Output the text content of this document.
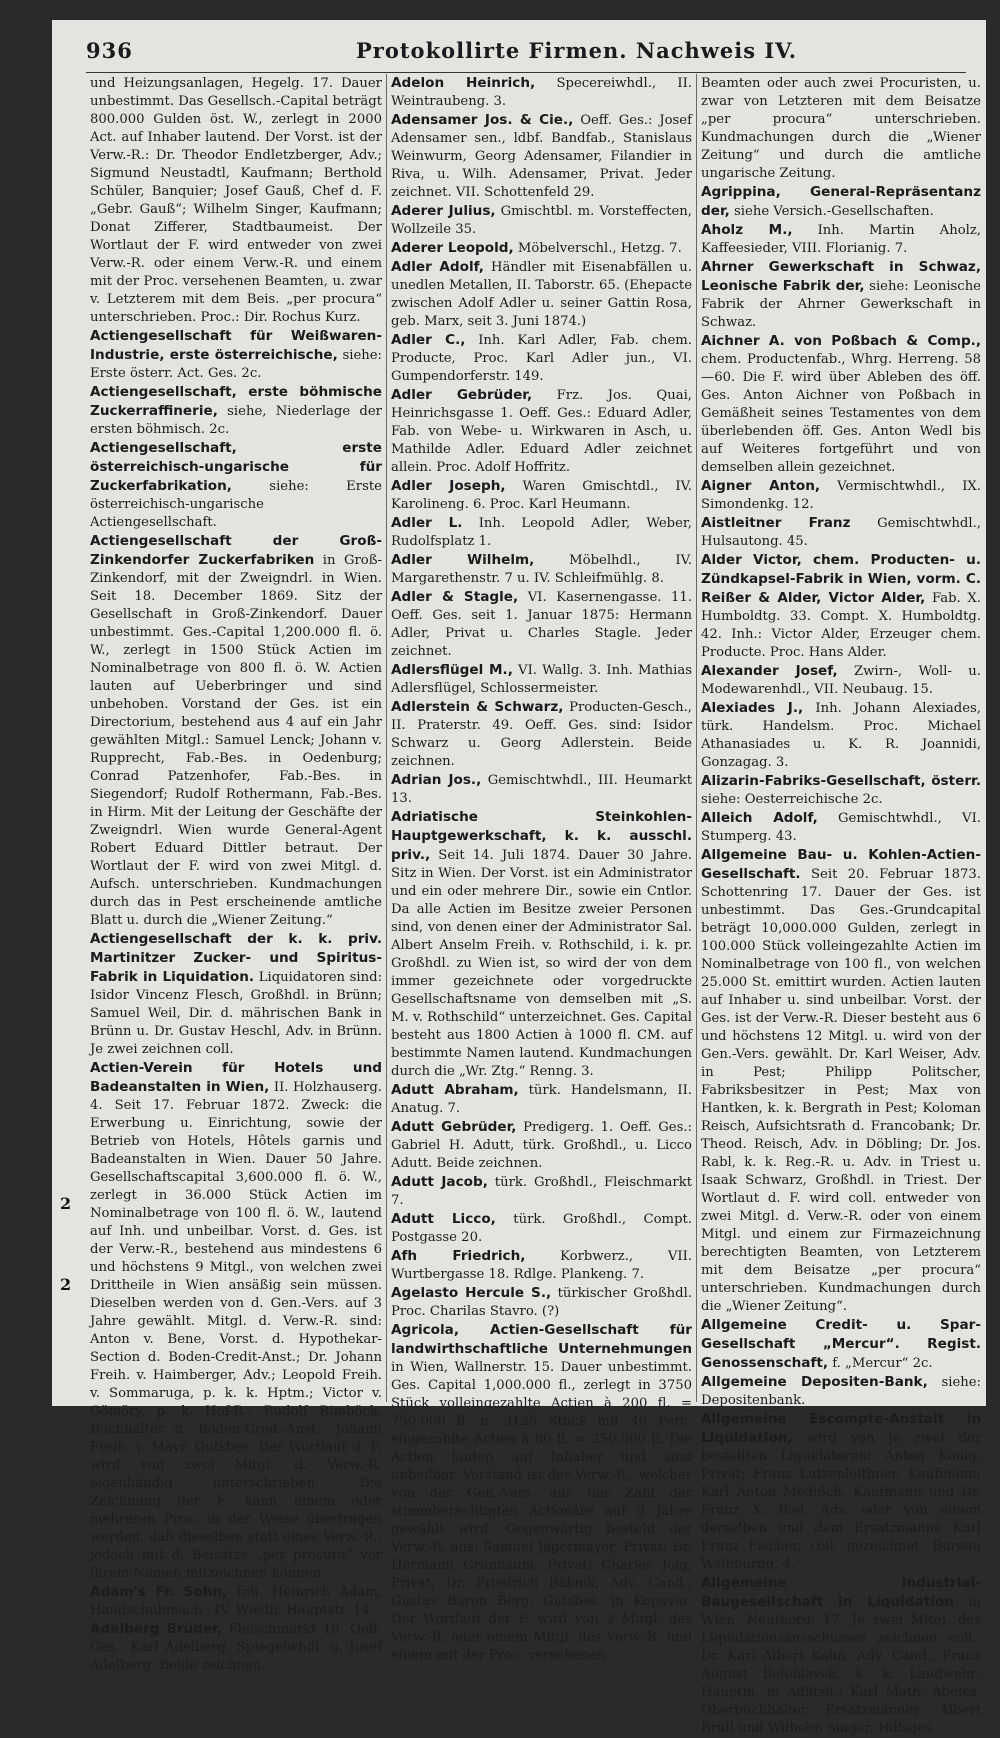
936	Protokollirte Firmen. Nachweis IV.
2
2
und Heizungsanlagen, Hegelg. 17. Dauer unbestimmt. Das Gesellsch.-Capital beträgt 800.000 Gulden öst. W., zerlegt in 2000 Act. auf Inhaber lautend. Der Vorst. ist der Verw.-R.: Dr. Theodor Endletzberger, Adv.; Sigmund Neustadtl, Kaufmann; Berthold Schüler, Banquier; Josef Gauß, Chef d. F. „Gebr. Gauß“; Wilhelm Singer, Kaufmann; Donat Zifferer, Stadtbaumeist. Der Wortlaut der F. wird entweder von zwei Verw.-R. oder einem Verw.-R. und einem mit der Proc. versehenen Beamten, u. zwar v. Letzterem mit dem Beis. „per procura“ unterschrieben. Proc.: Dir. Rochus Kurz.
Actiengesellschaft für Weißwaren-Industrie, erste österreichische, siehe: Erste österr. Act. Ges. 2c.
Actiengesellschaft, erste böhmische Zuckerraffinerie, siehe, Niederlage der ersten böhmisch. 2c.
Actiengesellschaft, erste österreichisch-ungarische für Zuckerfabrikation,	siehe: Erste österreichisch-ungarische Actiengesellschaft.
Actiengesellschaft der Groß-Zinkendorfer Zuckerfabriken in Groß-Zinkendorf, mit der Zweigndrl. in Wien. Seit 18. December 1869. Sitz der Gesellschaft in Groß-Zinkendorf. Dauer unbestimmt. Ges.-Capital 1,200.000 fl. ö. W., zerlegt in 1500 Stück Actien im Nominalbetrage von 800 fl. ö. W. Actien lauten auf Ueberbringer und sind unbehoben. Vorstand der Ges. ist ein Directorium, bestehend aus 4 auf ein Jahr gewählten Mitgl.: Samuel Lenck; Johann v. Rupprecht, Fab.-Bes. in Oedenburg; Conrad Patzenhofer, Fab.-Bes. in Siegendorf; Rudolf Rothermann, Fab.-Bes. in Hirm. Mit der Leitung der Geschäfte der Zweigndrl. Wien wurde General-Agent Robert Eduard Dittler betraut. Der Wortlaut der F. wird von zwei Mitgl. d. Aufsch. unterschrieben. Kundmachungen durch das in Pest erscheinende amtliche Blatt u. durch die „Wiener Zeitung.“
Actiengesellschaft der k. k. priv. Martinitzer Zucker- und Spiritus-Fabrik in Liquidation. Liquidatoren sind: Isidor Vincenz Flesch, Großhdl. in Brünn; Samuel Weil, Dir. d. mährischen Bank in Brünn u. Dr. Gustav Heschl, Adv. in Brünn. Je zwei zeichnen coll.
Actien-Verein für Hotels und Badeanstalten in Wien, II. Holzhauserg. 4. Seit 17. Februar 1872. Zweck: die Erwerbung u. Einrichtung, sowie der Betrieb von Hotels, Hôtels garnis und Badeanstalten in Wien. Dauer 50 Jahre. Gesellschaftscapital 3,600.000 fl. ö. W., zerlegt in 36.000 Stück Actien im Nominalbetrage von 100 fl. ö. W., lautend auf Inh. und unbeilbar. Vorst. d. Ges. ist der Verw.-R., bestehend aus mindestens 6 und höchstens 9 Mitgl., von welchen zwei Drittheile in Wien ansäßig sein müssen. Dieselben werden von d. Gen.-Vers. auf 3 Jahre gewählt. Mitgl. d. Verw.-R. sind: Anton v. Bene, Vorst. d. Hypothekar-Section d. Boden-Credit-Anst.; Dr. Johann Freih. v. Haimberger, Adv.; Leopold Freih. v. Sommaruga, p. k. k. Hptm.; Victor v. Gömöry, p. k. Hof-R.; Rudolf Rimböck, Buchhalter d. Boden-Cred.-Anst.; Johann Freih. v. Mayr, Gutsbes. Der Wortlaut d. F. wird von zwei Mitgl. d. Verw.-R. eigenhändig unterschrieben. Die Zeichnung der F. kann einem oder mehreren Proc. in der Weise übertragen werden, daß dieselben statt eines Verw.-R., jedoch mit d. Beisatze „per procura“ vor ihrem Namen mitzeichnen können.
Adam's Fr. Sohn, Inh. Heinrich Adam, Handschuhmach., IV. Wiedn. Hauptstr. 14.
Adelberg Brüder, Fleischmarkt 18. Oeff. Ges.: Karl Adelberg, Spiegelwhdl. u. Josef Adelberg. Beide zeichnen.
Adelon Heinrich, Specereiwhdl., II. Weintraubeng. 3.
Adensamer Jos. & Cie., Oeff. Ges.: Josef Adensamer sen., ldbf. Bandfab., Stanislaus Weinwurm, Georg Adensamer, Filandier in Riva, u. Wilh. Adensamer, Privat. Jeder zeichnet. VII. Schottenfeld 29.
Aderer Julius, Gmischtbl. m. Vorsteffecten, Wollzeile 35.
Aderer Leopold, Möbelverschl., Hetzg. 7.
Adler Adolf, Händler mit Eisenabfällen u. unedlen Metallen, II. Taborstr. 65. (Ehepacte zwischen Adolf Adler u. seiner Gattin Rosa, geb. Marx, seit 3. Juni 1874.)
Adler C., Inh. Karl Adler, Fab. chem. Producte, Proc. Karl Adler jun., VI. Gumpendorferstr. 149.
Adler Gebrüder, Frz. Jos. Quai, Heinrichsgasse 1. Oeff. Ges.: Eduard Adler, Fab. von Webe- u. Wirkwaren in Asch, u. Mathilde Adler. Eduard Adler zeichnet allein. Proc. Adolf Hoffritz.
Adler Joseph, Waren Gmischtdl., IV. Karolineng. 6. Proc. Karl Heumann.
Adler L. Inh. Leopold Adler, Weber, Rudolfsplatz 1.
Adler Wilhelm,	Möbelhdl., IV. Margarethenstr. 7 u. IV. Schleifmühlg. 8.
Adler & Stagle, VI. Kasernengasse. 11. Oeff. Ges. seit 1. Januar 1875: Hermann Adler, Privat u. Charles Stagle. Jeder zeichnet.
Adlersflügel M., VI. Wallg. 3. Inh. Mathias Adlersflügel, Schlossermeister.
Adlerstein & Schwarz, Producten-Gesch., II. Praterstr. 49. Oeff. Ges. sind: Isidor Schwarz u. Georg Adlerstein. Beide zeichnen.
Adrian Jos., Gemischtwhdl., III. Heumarkt 13.
Adriatische Steinkohlen-Hauptgewerkschaft, k. k. ausschl. priv., Seit 14. Juli 1874. Dauer 30 Jahre. Sitz in Wien. Der Vorst. ist ein Administrator und ein oder mehrere Dir., sowie ein Cntlor. Da alle Actien im Besitze zweier Personen sind, von denen einer der Administrator Sal. Albert Anselm Freih. v. Rothschild, i. k. pr. Großhdl. zu Wien ist, so wird der von dem immer gezeichnete oder vorgedruckte Gesellschaftsname von demselben mit „S. M. v. Rothschild“ unterzeichnet. Ges. Capital besteht aus 1800 Actien à 1000 fl. CM. auf bestimmte Namen lautend. Kundmachungen durch die „Wr. Ztg.“ Renng. 3.
Adutt Abraham, türk. Handelsmann, II. Anatug. 7.
Adutt Gebrüder, Predigerg. 1. Oeff. Ges.: Gabriel H. Adutt, türk. Großhdl., u. Licco Adutt. Beide zeichnen.
Adutt Jacob, türk. Großhdl., Fleischmarkt 7.
Adutt Licco, türk. Großhdl., Compt. Postgasse 20.
Afh Friedrich,	Korbwerz., VII. Wurtbergasse 18. Rdlge. Plankeng. 7.
Agelasto Hercule S., türkischer Großhdl. Proc. Charilas Stavro. (?)
Agricola, Actien-Gesellschaft für landwirthschaftliche Unternehmungen in Wien, Wallnerstr. 15. Dauer unbestimmt. Ges. Capital 1,000.000 fl., zerlegt in 3750 Stück volleingezahlte Actien à 200 fl. = 750.000 fl. u. 3125 Stück mit 40 Perc. eingezahlte Actien à 80 fl. = 250.000 fl. Die Actien lauten auf Inhaber und sind unbeilbar. Vorstand ist der Verw.-R., welcher von der Gen.-Vers. aus der Zahl der stimmberechtigten Actionäre auf 3 Jahre gewählt wird. Gegenwärtig besteht der Verw.-R. aus: Samuel Jägermayer, Privat; Dr. Hermann Grünbaum, Privat; Charles Jolg, Privat; Dr. Friedrich Bäbnik, Adv. Cand.; Gustav Baron Berg, Gutsbes. in Kopuvar. Der Wortlaut der F. wird von 2 Mitgl. des Verw.-R. oder einem Mitgl. des Verw.-R. und einem mit der Proc. versehenen
Beamten oder auch zwei Procuristen, u. zwar von Letzteren mit dem Beisatze „per procura“ unterschrieben. Kundmachungen durch die „Wiener Zeitung“ und durch die amtliche ungarische Zeitung.
Agrippina, General-Repräsentanz der, siehe Versich.-Gesellschaften.
Aholz M., Inh. Martin Aholz, Kaffeesieder, VIII. Florianig. 7.
Ahrner Gewerkschaft in Schwaz, Leonische Fabrik der, siehe: Leonische Fabrik der Ahrner Gewerkschaft in Schwaz.
Aichner A. von Poßbach & Comp., chem. Productenfab., Whrg. Herreng. 58—60. Die F. wird über Ableben des öff. Ges. Anton Aichner von Poßbach in Gemäßheit seines Testamentes von dem überlebenden öff. Ges. Anton Wedl bis auf Weiteres fortgeführt und von demselben allein gezeichnet.
Aigner Anton, Vermischtwhdl., IX. Simondenkg. 12.
Aistleitner Franz Gemischtwhdl., Hulsautong. 45.
Alder Victor, chem. Producten- u. Zündkapsel-Fabrik in Wien, vorm. C. Reißer & Alder, Victor Alder, Fab. X. Humboldtg. 33. Compt. X. Humboldtg. 42. Inh.: Victor Alder, Erzeuger chem. Producte. Proc. Hans Alder.
Alexander Josef, Zwirn-, Woll- u. Modewarenhdl., VII. Neubaug. 15.
Alexiades J., Inh. Johann Alexiades, türk. Handelsm. Proc. Michael Athanasiades u. K. R. Joannidi, Gonzagag. 3.
Alizarin-Fabriks-Gesellschaft, österr. siehe: Oesterreichische 2c.
Alleich Adolf, Gemischtwhdl., VI. Stumperg. 43.
Allgemeine Bau- u. Kohlen-Actien-Gesellschaft. Seit 20. Februar 1873. Schottenring 17. Dauer der Ges. ist unbestimmt. Das Ges.-Grundcapital beträgt 10,000.000 Gulden, zerlegt in 100.000 Stück volleingezahlte Actien im Nominalbetrage von 100 fl., von welchen 25.000 St. emittirt wurden. Actien lauten auf Inhaber u. sind unbeilbar. Vorst. der Ges. ist der Verw.-R. Dieser besteht aus 6 und höchstens 12 Mitgl. u. wird von der Gen.-Vers. gewählt. Dr. Karl Weiser, Adv. in Pest; Philipp Politscher, Fabriksbesitzer in Pest; Max von Hantken, k. k. Bergrath in Pest; Koloman Reisch, Aufsichtsrath d. Francobank; Dr. Theod. Reisch, Adv. in Döbling; Dr. Jos. Rabl, k. k. Reg.-R. u. Adv. in Triest u. Isaak Schwarz, Großhdl. in Triest. Der Wortlaut d. F. wird coll. entweder von zwei Mitgl. d. Verw.-R. oder von einem Mitgl. und einem zur Firmazeichnung berechtigten Beamten, von Letzterem mit dem Beisatze „per procura“ unterschrieben. Kundmachungen durch die „Wiener Zeitung“.
Allgemeine Credit- u. Spar-Gesellschaft „Mercur“. Regist. Genossenschaft, f. „Mercur“ 2c.
Allgemeine Depositen-Bank, siehe: Depositenbank.
Allgemeine Escompte-Anstalt in Liquidation, wird von je zwei der bestellten Liquidatoren: Anton König, Privat; Franz Lutzenleithner, Kaufmann; Karl Anton Medißch, Kaufmann und Dr. Franz X. Biel, Adv. oder von einem derselben und dem Ersatzmanne Karl Franz Fischer, coll. gezeichnet. Bureau Weihburgg. 4.
Allgemeine Industrial-Baugesellschaft in Liquidation in Wien, Neuthorg. 17. Je zwei Mitgl. des Liquidationsausschusses zeichnen coll.: Dr. Karl Albert Kohn, Adv. Cand.; Franz August Belohlavek, k. k. Landwehr-Hauptm. in Adlitsh.; Karl Math. Abeles, Oberbuchhalter. Ersatzmänner: Albert Brüll und Wilhelm Singer, Hdlsges.
